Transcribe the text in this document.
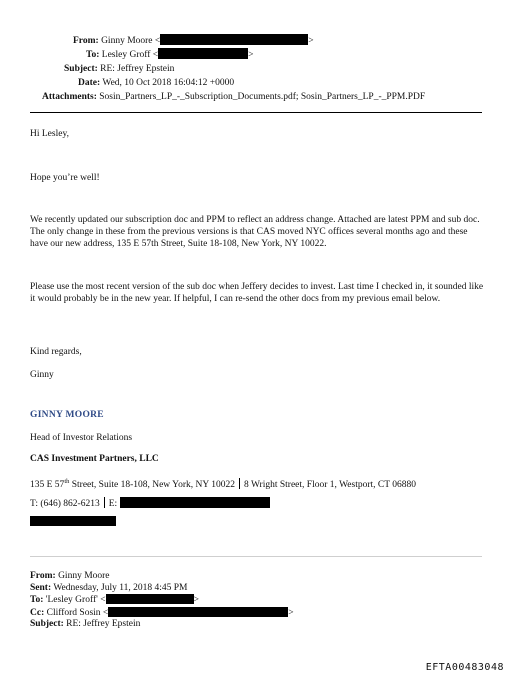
From: Ginny Moore <	>
To: Lesley Groff <	>
Subject: RE: Jeffrey Epstein
Date: Wed, 10 Oct 2018 16:04:12 +0000
Attachments: Sosin_Partners_LP_-_Subscription_Documents.pdf; Sosin_Partners_LP_-_PPM.PDF
Hi Lesley,
Hope you’re well!
We recently updated our subscription doc and PPM to reflect an address change. Attached are latest PPM and sub doc. The only change in these from the previous versions is that CAS moved NYC offices several months ago and these have our new address, 135 E 57th Street, Suite 18-108, New York, NY 10022.
Please use the most recent version of the sub doc when Jeffery decides to invest. Last time I checked in, it sounded like it would probably be in the new year. If helpful, I can re-send the other docs from my previous email below.
Kind regards,
Ginny
GINNY MOORE
Head of Investor Relations
CAS Investment Partners, LLC
135 E 57th Street, Suite 18-108, New York, NY 10022 8 Wright Street, Floor 1, Westport, CT 06880
T: (646) 862-6213 E:
From: Ginny Moore
Sent: Wednesday, July 11, 2018 4:45 PM
To: 'Lesley Groff' <	>
Cc: Clifford Sosin <	>
Subject: RE: Jeffrey Epstein
EFTA00483048
